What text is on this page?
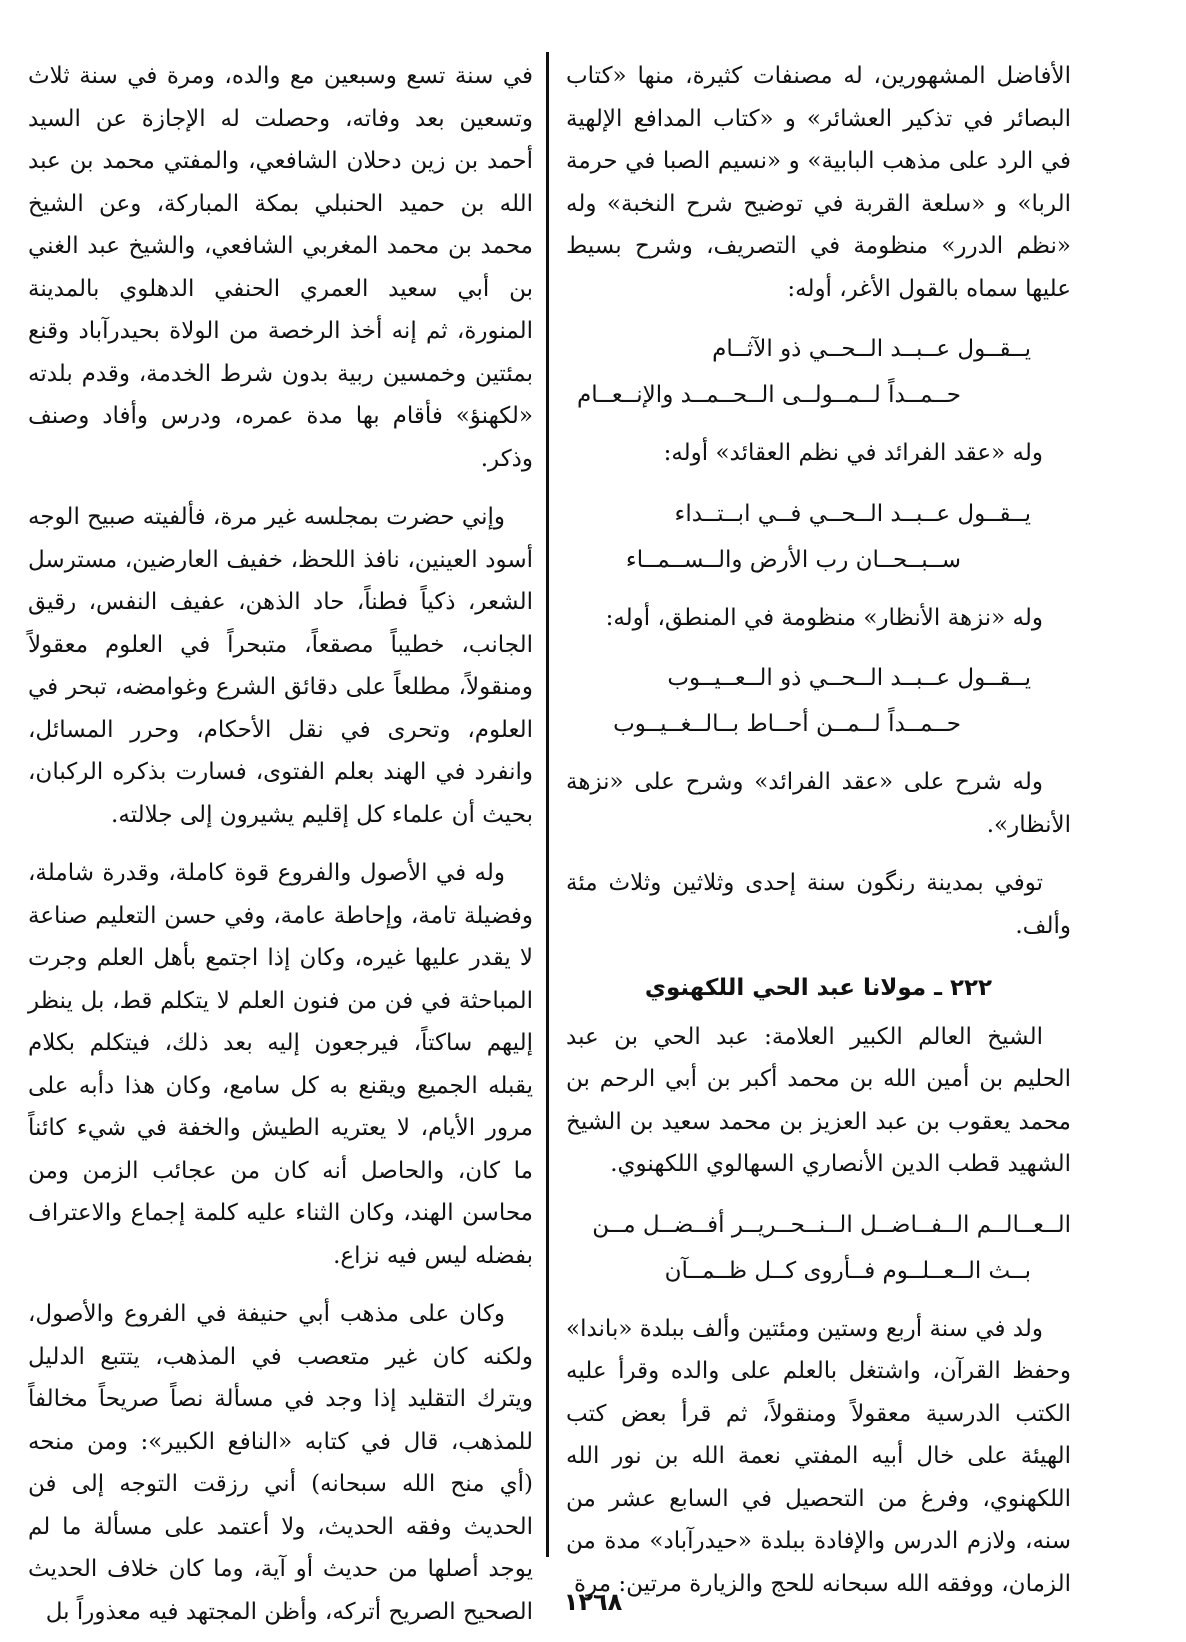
الأفاضل المشهورين، له مصنفات كثيرة، منها «كتاب البصائر في تذكير العشائر» و «كتاب المدافع الإلهية في الرد على مذهب البابية» و «نسيم الصبا في حرمة الربا» و «سلعة القربة في توضيح شرح النخبة» وله «نظم الدرر» منظومة في التصريف، وشرح بسيط عليها سماه بالقول الأغر، أوله:

يــقــول عــبــد الــحــي ذو الآثــام
حــمــداً لــمــولــى الــحــمــد والإنــعــام

وله «عقد الفرائد في نظم العقائد» أوله:

يــقــول عــبــد الــحــي فــي ابــتــداء
ســبــحــان رب الأرض والــســمــاء

وله «نزهة الأنظار» منظومة في المنطق، أوله:

يــقــول عــبــد الــحــي ذو الــعــيــوب
حــمــداً لــمــن أحــاط بــالــغــيــوب

وله شرح على «عقد الفرائد» وشرح على «نزهة الأنظار».

توفي بمدينة رنگون سنة إحدى وثلاثين وثلاث مئة وألف.

٢٢٢ ـ مولانا عبد الحي اللكهنوي

الشيخ العالم الكبير العلامة: عبد الحي بن عبد الحليم بن أمين الله بن محمد أكبر بن أبي الرحم بن محمد يعقوب بن عبد العزيز بن محمد سعيد بن الشيخ الشهيد قطب الدين الأنصاري السهالوي اللكهنوي.

الــعــالــم الــفــاضــل الــنــحــريــر أفــضــل مــن
بــث الــعــلــوم فــأروى كــل ظــمــآن

ولد في سنة أربع وستين ومئتين وألف ببلدة «باندا» وحفظ القرآن، واشتغل بالعلم على والده وقرأ عليه الكتب الدرسية معقولاً ومنقولاً، ثم قرأ بعض كتب الهيئة على خال أبيه المفتي نعمة الله بن نور الله اللكهنوي، وفرغ من التحصيل في السابع عشر من سنه، ولازم الدرس والإفادة ببلدة «حيدرآباد» مدة من الزمان، ووفقه الله سبحانه للحج والزيارة مرتين: مرة

في سنة تسع وسبعين مع والده، ومرة في سنة ثلاث وتسعين بعد وفاته، وحصلت له الإجازة عن السيد أحمد بن زين دحلان الشافعي، والمفتي محمد بن عبد الله بن حميد الحنبلي بمكة المباركة، وعن الشيخ محمد بن محمد المغربي الشافعي، والشيخ عبد الغني بن أبي سعيد العمري الحنفي الدهلوي بالمدينة المنورة، ثم إنه أخذ الرخصة من الولاة بحيدرآباد وقنع بمئتين وخمسين ربية بدون شرط الخدمة، وقدم بلدته «لكهنؤ» فأقام بها مدة عمره، ودرس وأفاد وصنف وذكر.

وإني حضرت بمجلسه غير مرة، فألفيته صبيح الوجه أسود العينين، نافذ اللحظ، خفيف العارضين، مسترسل الشعر، ذكياً فطناً، حاد الذهن، عفيف النفس، رقيق الجانب، خطيباً مصقعاً، متبحراً في العلوم معقولاً ومنقولاً، مطلعاً على دقائق الشرع وغوامضه، تبحر في العلوم، وتحرى في نقل الأحكام، وحرر المسائل، وانفرد في الهند بعلم الفتوى، فسارت بذكره الركبان، بحيث أن علماء كل إقليم يشيرون إلى جلالته.

وله في الأصول والفروع قوة كاملة، وقدرة شاملة، وفضيلة تامة، وإحاطة عامة، وفي حسن التعليم صناعة لا يقدر عليها غيره، وكان إذا اجتمع بأهل العلم وجرت المباحثة في فن من فنون العلم لا يتكلم قط، بل ينظر إليهم ساكتاً، فيرجعون إليه بعد ذلك، فيتكلم بكلام يقبله الجميع ويقنع به كل سامع، وكان هذا دأبه على مرور الأيام، لا يعتريه الطيش والخفة في شيء كائناً ما كان، والحاصل أنه كان من عجائب الزمن ومن محاسن الهند، وكان الثناء عليه كلمة إجماع والاعتراف بفضله ليس فيه نزاع.

وكان على مذهب أبي حنيفة في الفروع والأصول، ولكنه كان غير متعصب في المذهب، يتتبع الدليل ويترك التقليد إذا وجد في مسألة نصاً صريحاً مخالفاً للمذهب، قال في كتابه «النافع الكبير»: ومن منحه (أي منح الله سبحانه) أني رزقت التوجه إلى فن الحديث وفقه الحديث، ولا أعتمد على مسألة ما لم يوجد أصلها من حديث أو آية، وما كان خلاف الحديث الصحيح الصريح أتركه، وأظن المجتهد فيه معذوراً بل	١٢٦٨
